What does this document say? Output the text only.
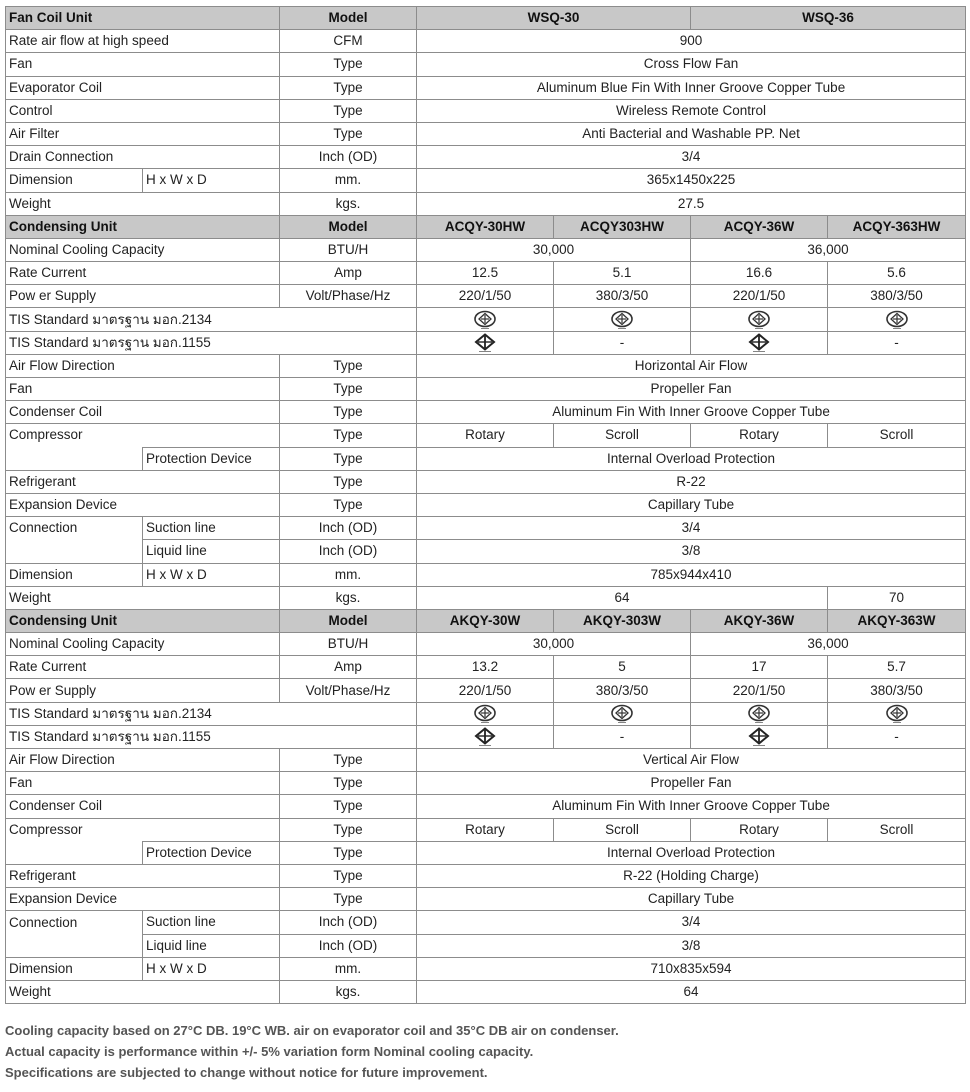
Fan Coil Unit		Model	WSQ-30		WSQ-36	
Rate air flow at high speed		CFM	900			
Fan		Type	Cross Flow Fan			
Evaporator Coil		Type	Aluminum Blue Fin With Inner Groove Copper Tube			
Control		Type	Wireless Remote Control			
Air Filter		Type	Anti Bacterial and Washable PP. Net			
Drain Connection		Inch (OD)	3/4			
Dimension	H x W x D	mm.	365x1450x225			
Weight		kgs.	27.5			
Condensing Unit		Model	ACQY-30HW	ACQY303HW	ACQY-36W	ACQY-363HW
Nominal Cooling Capacity		BTU/H	30,000		36,000	
Rate Current		Amp	12.5	5.1	16.6	5.6
Pow er Supply		Volt/Phase/Hz	220/1/50	380/3/50	220/1/50	380/3/50
TIS Standard มาตรฐาน มอก.2134				
TIS Standard มาตรฐาน มอก.1155				-		-
Air Flow Direction		Type	Horizontal Air Flow			
Fan		Type	Propeller Fan			
Condenser Coil		Type	Aluminum Fin With Inner Groove Copper Tube			
Compressor		Type	Rotary	Scroll	Rotary	Scroll
	Protection Device	Type	Internal Overload Protection			
Refrigerant		Type	R-22			
Expansion Device		Type	Capillary Tube			
Connection	Suction line	Inch (OD)	3/4			
	Liquid line	Inch (OD)	3/8			
Dimension	H x W x D	mm.	785x944x410			
Weight		kgs.	64			70
Condensing Unit		Model	AKQY-30W	AKQY-303W	AKQY-36W	AKQY-363W
Nominal Cooling Capacity		BTU/H	30,000		36,000	
Rate Current		Amp	13.2	5	17	5.7
Pow er Supply		Volt/Phase/Hz	220/1/50	380/3/50	220/1/50	380/3/50
TIS Standard มาตรฐาน มอก.2134				
TIS Standard มาตรฐาน มอก.1155				-		-
Air Flow Direction		Type	Vertical Air Flow			
Fan		Type	Propeller Fan			
Condenser Coil		Type	Aluminum Fin With Inner Groove Copper Tube			
Compressor		Type	Rotary	Scroll	Rotary	Scroll
	Protection Device	Type	Internal Overload Protection			
Refrigerant		Type	R-22 (Holding Charge)			
Expansion Device		Type	Capillary Tube			
Connection	Suction line	Inch (OD)	3/4			
	Liquid line	Inch (OD)	3/8			
Dimension	H x W x D	mm.	710x835x594			
Weight		kgs.	64			
Cooling capacity based on 27°C DB. 19°C WB. air on evaporator coil and 35°C DB air on condenser.
Actual capacity is performance within +/- 5% variation form Nominal cooling capacity.
Specifications are subjected to change without notice for future improvement.
